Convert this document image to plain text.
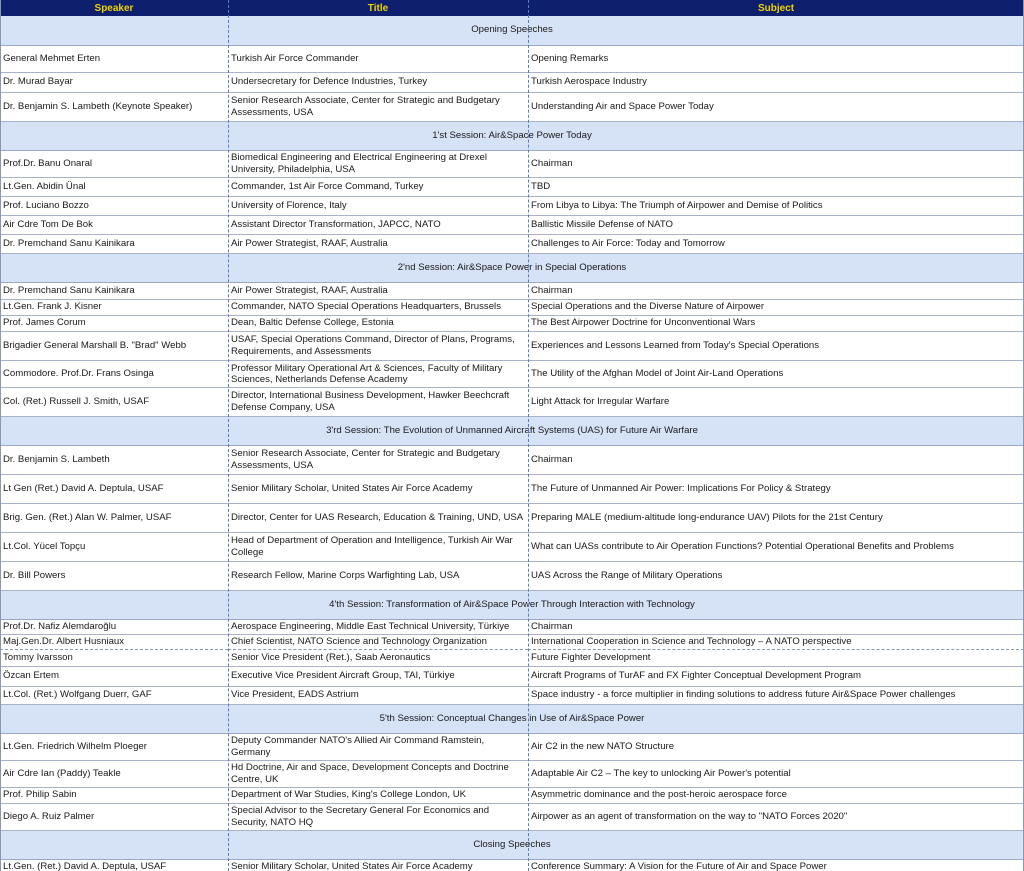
Speaker	Title	Subject
Opening Speeches		
General Mehmet Erten	Turkish Air Force Commander	Opening Remarks
Dr. Murad Bayar	Undersecretary for Defence Industries, Turkey	Turkish Aerospace Industry
Dr. Benjamin S. Lambeth (Keynote Speaker)	Senior Research Associate, Center for Strategic and Budgetary Assessments, USA	Understanding Air and Space Power Today
1'st Session: Air&Space Power Today		
Prof.Dr. Banu Onaral	Biomedical Engineering and Electrical Engineering at Drexel University, Philadelphia, USA	Chairman
Lt.Gen. Abidin Ünal	Commander, 1st Air Force Command, Turkey	TBD
Prof. Luciano Bozzo	University of Florence, Italy	From Libya to Libya: The Triumph of Airpower and Demise of Politics
Air Cdre Tom De Bok	Assistant Director Transformation, JAPCC, NATO	Ballistic Missile Defense of NATO
Dr. Premchand Sanu Kainikara	Air Power Strategist, RAAF, Australia	Challenges to Air Force: Today and Tomorrow
2'nd Session: Air&Space Power in Special Operations		
Dr. Premchand Sanu Kainikara	Air Power Strategist, RAAF, Australia	Chairman
Lt.Gen. Frank J. Kisner	Commander, NATO Special Operations Headquarters, Brussels	Special Operations and the Diverse Nature of Airpower
Prof. James Corum	Dean, Baltic Defense College, Estonia	The Best Airpower Doctrine for Unconventional Wars
Brigadier General Marshall B. "Brad" Webb	USAF, Special Operations Command, Director of Plans, Programs, Requirements, and Assessments	Experiences and Lessons Learned from Today's Special Operations
Commodore. Prof.Dr. Frans Osinga	Professor Military Operational Art & Sciences, Faculty of Military Sciences, Netherlands Defense Academy	The Utility of the Afghan Model of Joint Air-Land Operations
Col. (Ret.) Russell J. Smith, USAF	Director, International Business Development, Hawker Beechcraft Defense Company, USA	Light Attack for Irregular Warfare
3'rd Session: The Evolution of Unmanned Aircraft Systems (UAS) for Future Air Warfare		
Dr. Benjamin S. Lambeth	Senior Research Associate, Center for Strategic and Budgetary Assessments, USA	Chairman
Lt Gen (Ret.) David A. Deptula, USAF	Senior Military Scholar, United States Air Force Academy	The Future of Unmanned Air Power: Implications For Policy & Strategy
Brig. Gen. (Ret.) Alan W. Palmer, USAF	Director, Center for UAS Research, Education & Training, UND, USA	Preparing MALE (medium-altitude long-endurance UAV) Pilots for the 21st Century
Lt.Col. Yücel Topçu	Head of Department of Operation and Intelligence, Turkish Air War College	What can UASs contribute to Air Operation Functions? Potential Operational Benefits and Problems
Dr. Bill Powers	Research Fellow, Marine Corps Warfighting Lab, USA	UAS Across the Range of Military Operations
4'th Session: Transformation of Air&Space Power Through Interaction with Technology		
Prof.Dr. Nafiz Alemdaroğlu	Aerospace Engineering, Middle East Technical University, Türkiye	Chairman
Maj.Gen.Dr. Albert Husniaux	Chief Scientist, NATO Science and Technology Organization	International Cooperation in Science and Technology – A NATO perspective
Tommy Ivarsson	Senior Vice President (Ret.), Saab Aeronautics	Future Fighter Development
Özcan Ertem	Executive Vice President Aircraft Group, TAI, Türkiye	Aircraft Programs of TurAF and FX Fighter Conceptual Development Program
Lt.Col. (Ret.) Wolfgang Duerr, GAF	Vice President, EADS Astrium	Space industry - a force multiplier in finding solutions to address future Air&Space Power challenges
5'th Session: Conceptual Changes in Use of Air&Space Power		
Lt.Gen. Friedrich Wilhelm Ploeger	Deputy Commander NATO's Allied Air Command Ramstein, Germany	Air C2 in the new NATO Structure
Air Cdre Ian (Paddy) Teakle	Hd Doctrine, Air and Space, Development Concepts and Doctrine Centre, UK	Adaptable Air C2 – The key to unlocking Air Power's potential
Prof. Philip Sabin	Department of War Studies, King's College London, UK	Asymmetric dominance and the post-heroic aerospace force
Diego A. Ruiz Palmer	Special Advisor to the Secretary General For Economics and Security, NATO HQ	Airpower as an agent of transformation on the way to "NATO Forces 2020"
Closing Speeches		
Lt.Gen. (Ret.) David A. Deptula, USAF	Senior Military Scholar, United States Air Force Academy	Conference Summary: A Vision for the Future of Air and Space Power
